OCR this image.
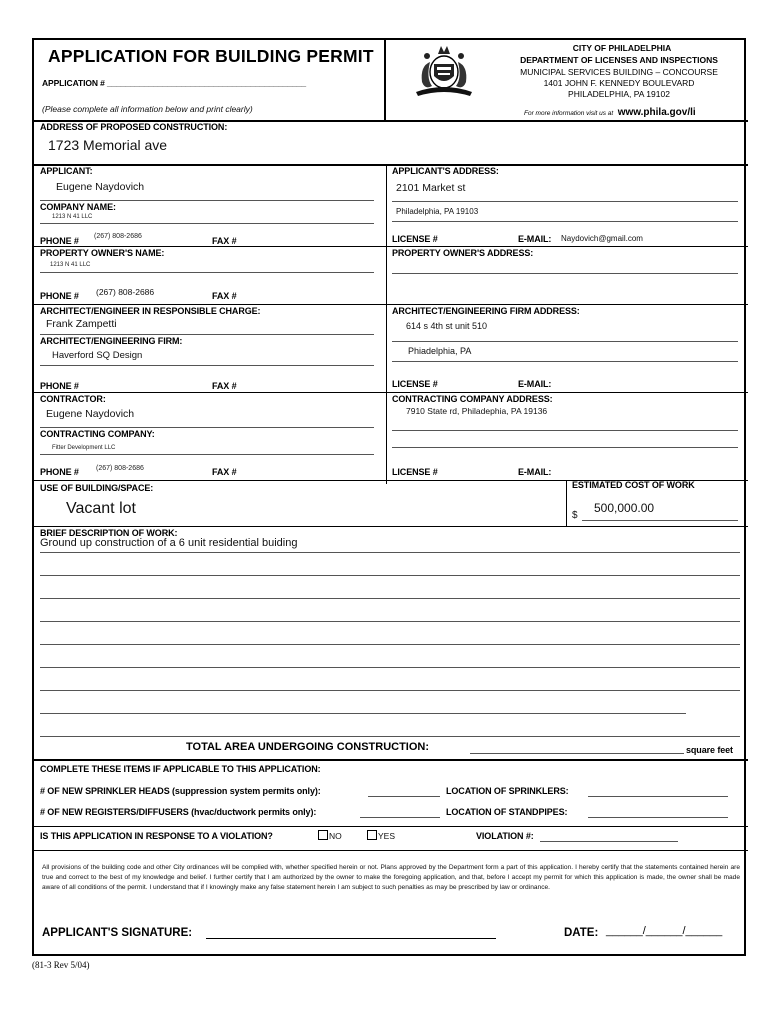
APPLICATION FOR BUILDING PERMIT
APPLICATION # ___________________________________________
(Please complete all information below and print clearly)
CITY OF PHILADELPHIA
DEPARTMENT OF LICENSES AND INSPECTIONS
MUNICIPAL SERVICES BUILDING – CONCOURSE
1401 JOHN F. KENNEDY BOULEVARD
PHILADELPHIA, PA 19102
For more information visit us at www.phila.gov/li
ADDRESS OF PROPOSED CONSTRUCTION:
1723 Memorial ave
APPLICANT:
Eugene Naydovich
COMPANY NAME:
1213 N 41 LLC
PHONE # (267) 808-2686	FAX #
APPLICANT'S ADDRESS:
2101 Market st
Philadelphia, PA 19103
LICENSE #	E-MAIL: Naydovich@gmail.com
PROPERTY OWNER'S NAME:
1213 N 41 LLC
PHONE # (267) 808-2686	FAX #
PROPERTY OWNER'S ADDRESS:
ARCHITECT/ENGINEER IN RESPONSIBLE CHARGE:
Frank Zampetti
ARCHITECT/ENGINEERING FIRM:
Haverford SQ Design
PHONE #	FAX #
ARCHITECT/ENGINEERING FIRM ADDRESS:
614 s 4th st unit 510
Phiadelphia, PA
LICENSE #	E-MAIL:
CONTRACTOR:
Eugene Naydovich
CONTRACTING COMPANY:
Fitter Development LLC
PHONE # (267) 808-2686	FAX #
CONTRACTING COMPANY ADDRESS:
7910 State rd, Philadephia, PA 19136
LICENSE #	E-MAIL:
USE OF BUILDING/SPACE:
Vacant lot
ESTIMATED COST OF WORK
$
500,000.00
BRIEF DESCRIPTION OF WORK:
Ground up construction of a 6 unit residential buiding
TOTAL AREA UNDERGOING CONSTRUCTION:	square feet
COMPLETE THESE ITEMS IF APPLICABLE TO THIS APPLICATION:
# OF NEW SPRINKLER HEADS (suppression system permits only):	LOCATION OF SPRINKLERS:
# OF NEW REGISTERS/DIFFUSERS (hvac/ductwork permits only):	LOCATION OF STANDPIPES:
IS THIS APPLICATION IN RESPONSE TO A VIOLATION?	NO	YES	VIOLATION #:
All provisions of the building code and other City ordinances will be complied with, whether specified herein or not. Plans approved by the Department form a part of this application. I hereby certify that the statements contained herein are true and correct to the best of my knowledge and belief. I further certify that I am authorized by the owner to make the foregoing application, and that, before I accept my permit for which this application is made, the owner shall be made aware of all conditions of the permit. I understand that if I knowingly make any false statement herein I am subject to such penalties as may be prescribed by law or ordinance.
APPLICANT'S SIGNATURE:	DATE: ______/______/______
(81-3 Rev 5/04)
